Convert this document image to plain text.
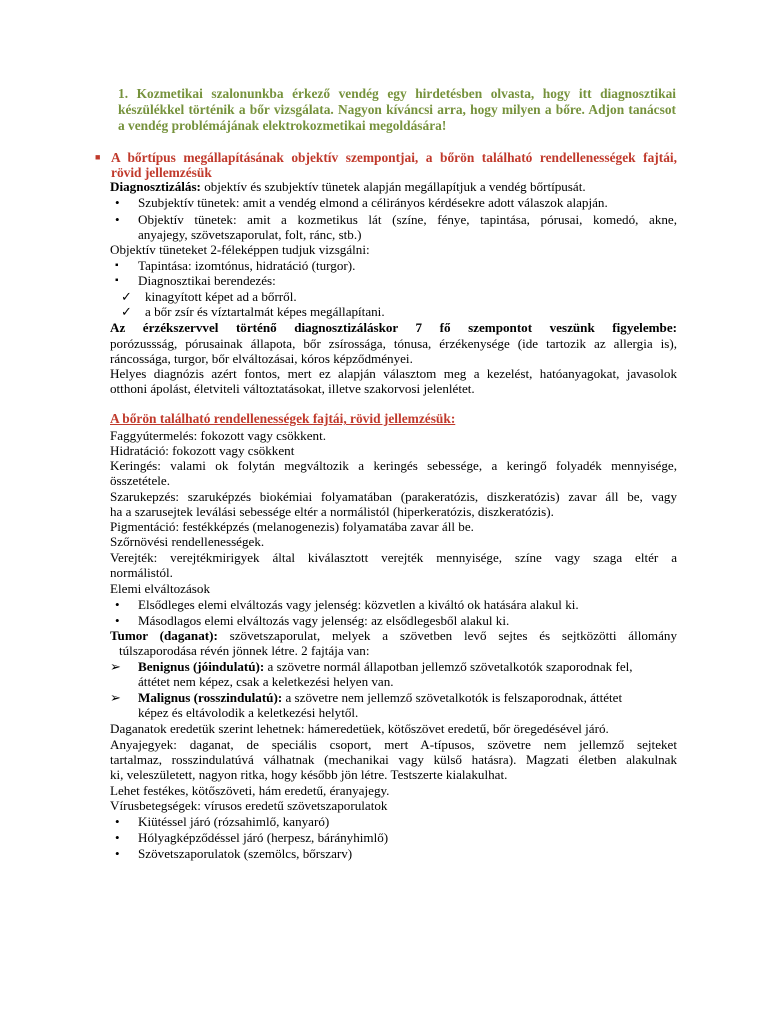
1. Kozmetikai szalonunkba érkező vendég egy hirdetésben olvasta, hogy itt diagnosztikai

készülékkel történik a bőr vizsgálata. Nagyon kíváncsi arra, hogy milyen a bőre. Adjon tanácsot

a vendég problémájának elektrokozmetikai megoldására!

■ A bőrtípus megállapításának objektív szempontjai, a bőrön található rendellenességek fajtái,
rövid jellemzésük
Diagnosztizálás: objektív és szubjektív tünetek alapján megállapítjuk a vendég bőrtípusát.
• Szubjektív tünetek: amit a vendég elmond a célirányos kérdésekre adott válaszok alapján.
• Objektív tünetek: amit a kozmetikus lát (színe, fénye, tapintása, pórusai, komedó, akne,
anyajegy, szövetszaporulat, folt, ránc, stb.)
Objektív tüneteket 2-féleképpen tudjuk vizsgálni:
▪ Tapintása: izomtónus, hidratáció (turgor).
▪ Diagnosztikai berendezés:
✓ kinagyított képet ad a bőrről.
✓ a bőr zsír és víztartalmát képes megállapítani.
Az érzékszervvel történő diagnosztizáláskor 7 fő szempontot veszünk figyelembe:
porózussság, pórusainak állapota, bőr zsírossága, tónusa, érzékenysége (ide tartozik az allergia is),
ráncossága, turgor, bőr elváltozásai, kóros képződményei.
Helyes diagnózis azért fontos, mert ez alapján választom meg a kezelést, hatóanyagokat, javasolok
otthoni ápolást, életviteli változtatásokat, illetve szakorvosi jelenlétet.
A bőrön található rendellenességek fajtái, rövid jellemzésük:
Faggyútermelés: fokozott vagy csökkent.
Hidratáció: fokozott vagy csökkent
Keringés: valami ok folytán megváltozik a keringés sebessége, a keringő folyadék mennyisége,
összetétele.
Szarukepzés: szaruképzés biokémiai folyamatában (parakeratózis, diszkeratózis) zavar áll be, vagy
ha a szarusejtek leválási sebessége eltér a normálistól (hiperkeratózis, diszkeratózis).
Pigmentáció: festékképzés (melanogenezis) folyamatába zavar áll be.
Szőrnövési rendellenességek.
Verejték: verejtékmirigyek által kiválasztott verejték mennyisége, színe vagy szaga eltér a
normálistól.
Elemi elváltozások
• Elsődleges elemi elváltozás vagy jelenség: közvetlen a kiváltó ok hatására alakul ki.
• Másodlagos elemi elváltozás vagy jelenség: az elsődlegesből alakul ki.
Tumor (daganat): szövetszaporulat, melyek a szövetben levő sejtes és sejtközötti állomány
túlszaporodása révén jönnek létre. 2 fajtája van:
➢ Benignus (jóindulatú): a szövetre normál állapotban jellemző szövetalkotók szaporodnak fel,
áttétet nem képez, csak a keletkezési helyen van.
➢ Malignus (rosszindulatú): a szövetre nem jellemző szövetalkotók is felszaporodnak, áttétet
képez és eltávolodik a keletkezési helytől.
Daganatok eredetük szerint lehetnek: hámeredetüek, kötőszövet eredetű, bőr öregedésével járó.
Anyajegyek: daganat, de speciális csoport, mert A-típusos, szövetre nem jellemző sejteket
tartalmaz, rosszindulatúvá válhatnak (mechanikai vagy külső hatásra). Magzati életben alakulnak
ki, veleszületett, nagyon ritka, hogy később jön létre. Testszerte kialakulhat.
Lehet festékes, kötőszöveti, hám eredetű, éranyajegy.
Vírusbetegségek: vírusos eredetű szövetszaporulatok
• Kiütéssel járó (rózsahimlő, kanyaró)
• Hólyagképződéssel járó (herpesz, bárányhimlő)
• Szövetszaporulatok (szemölcs, bőrszarv)
